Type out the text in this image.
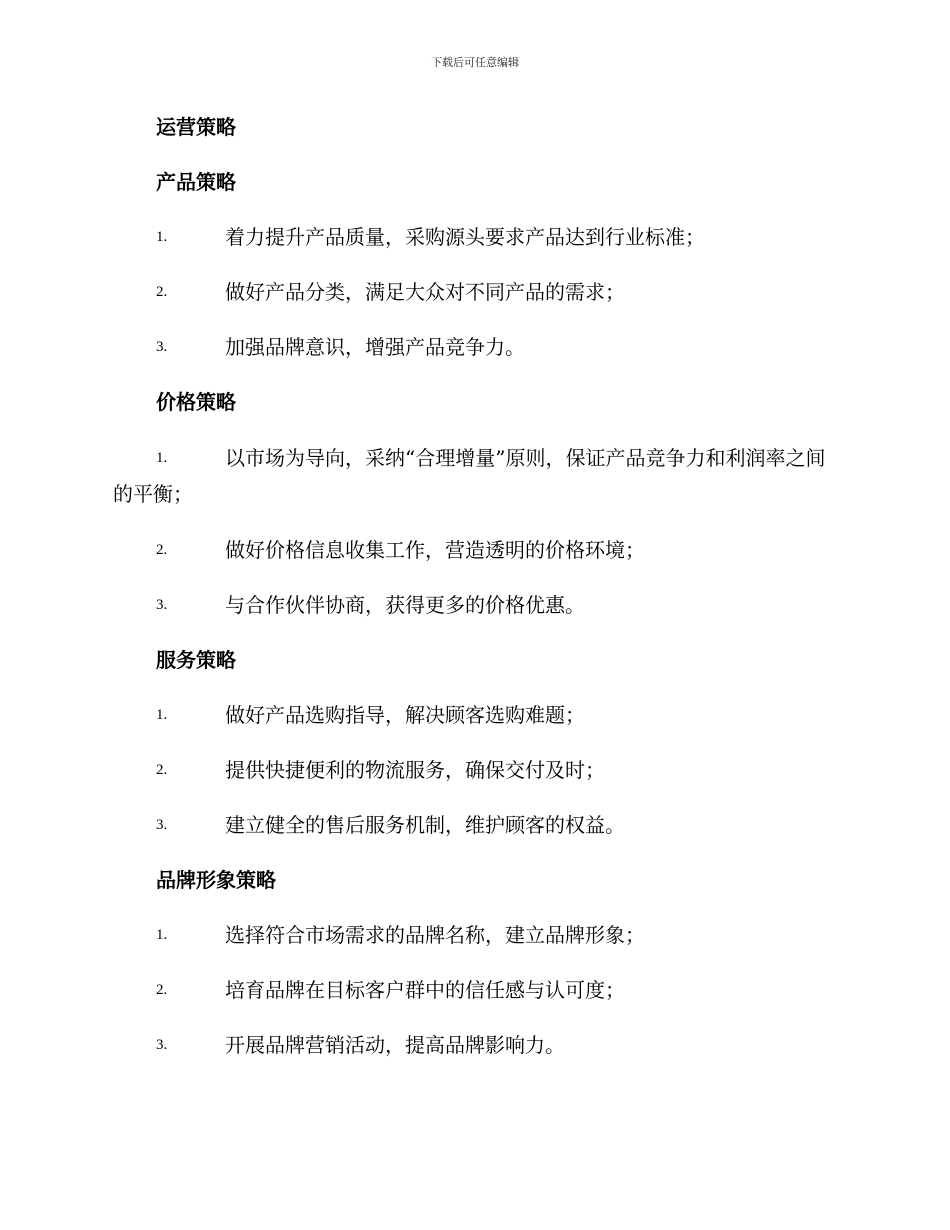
下载后可任意编辑
运营策略
产品策略
1.	着力提升产品质量，采购源头要求产品达到行业标准；
2.	做好产品分类，满足大众对不同产品的需求；
3.	加强品牌意识，增强产品竞争力。
价格策略
1.	以市场为导向，采纳“合理增量”原则，保证产品竞争力和利润率之间的平衡；
2.	做好价格信息收集工作，营造透明的价格环境；
3.	与合作伙伴协商，获得更多的价格优惠。
服务策略
1.	做好产品选购指导，解决顾客选购难题；
2.	提供快捷便利的物流服务，确保交付及时；
3.	建立健全的售后服务机制，维护顾客的权益。
品牌形象策略
1.	选择符合市场需求的品牌名称，建立品牌形象；
2.	培育品牌在目标客户群中的信任感与认可度；
3.	开展品牌营销活动，提高品牌影响力。
